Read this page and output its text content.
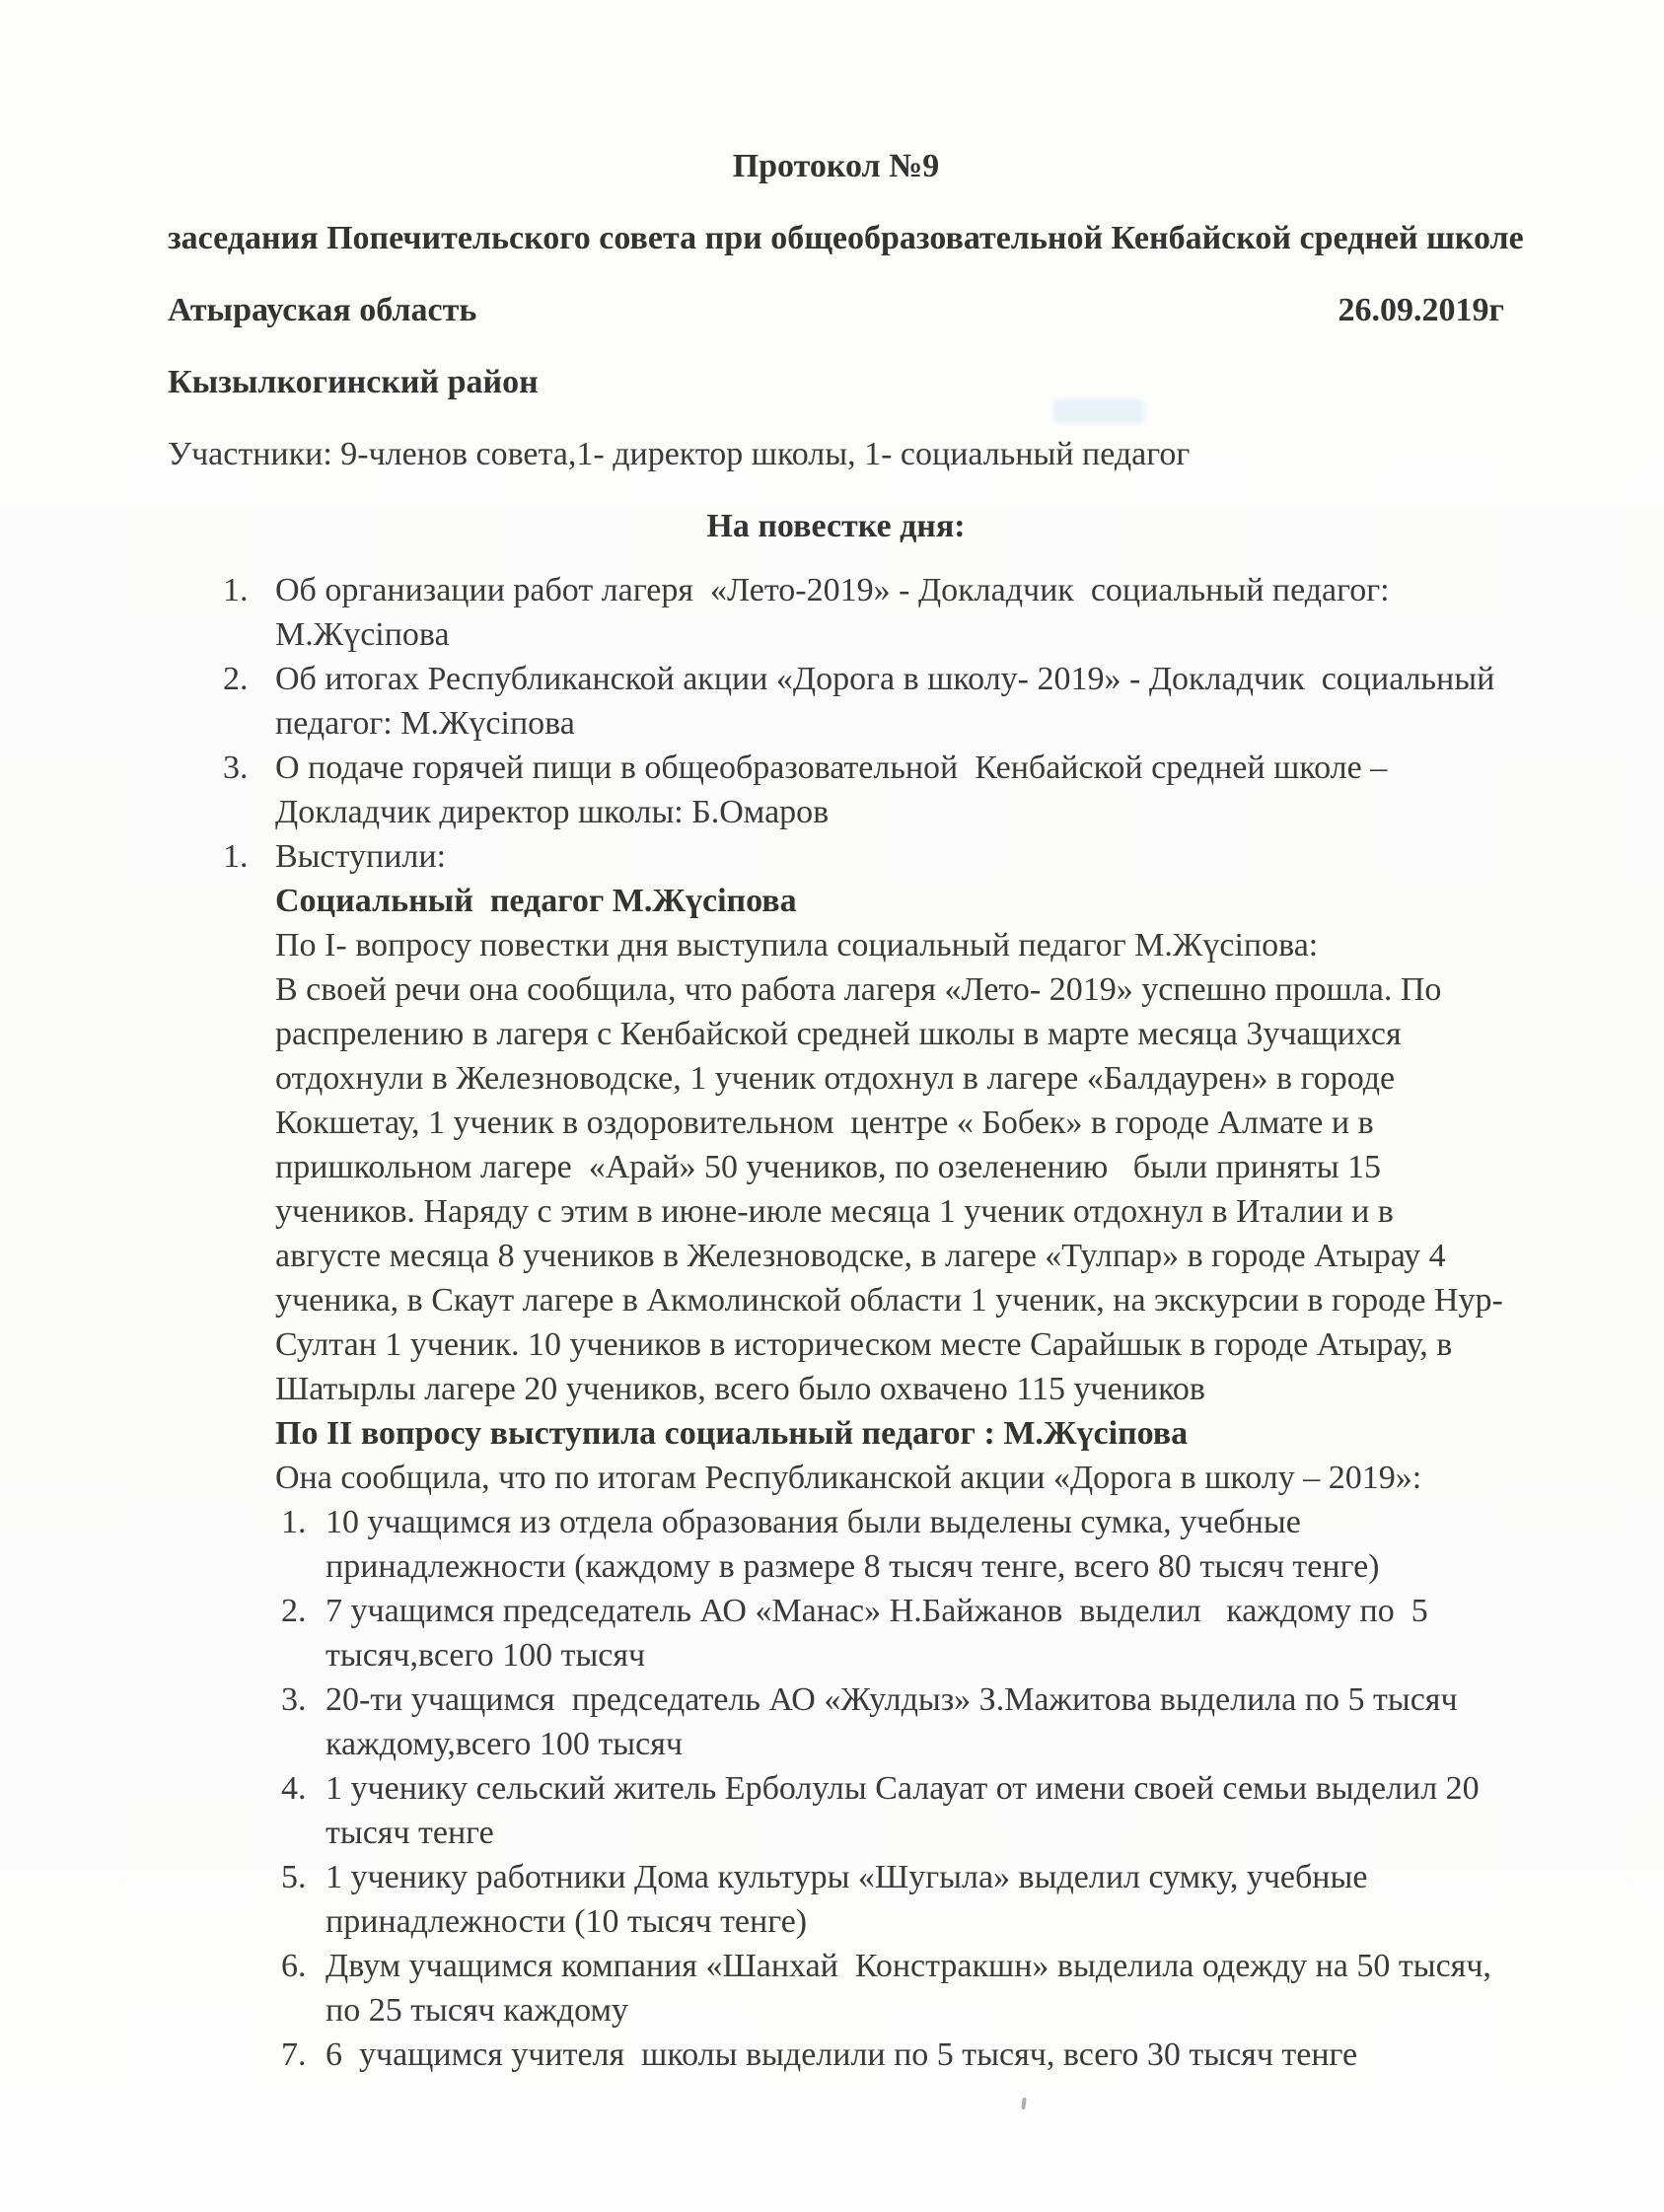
Протокол №9

заседания Попечительского совета при общеобразовательной Кенбайской средней школе

Атырауская область	26.09.2019г

Кызылкогинский район

Участники: 9-членов совета,1- директор школы, 1- социальный педагог

На повестке дня:

1. Об организации работ лагеря  «Лето-2019» - Докладчик  социальный педагог: М.Жүсіпова
2. Об итогах Республиканской акции «Дорога в школу- 2019» - Докладчик  социальный педагог: М.Жүсіпова
3. О подаче горячей пищи в общеобразовательной  Кенбайской средней школе – Докладчик директор школы: Б.Омаров
1. Выступили:

Социальный  педагог М.Жүсіпова

По I- вопросу повестки дня выступила социальный педагог М.Жүсіпова:

В своей речи она сообщила, что работа лагеря «Лето- 2019» успешно прошла. По распрелению в лагеря с Кенбайской средней школы в марте месяца 3учащихся отдохнули в Железноводске, 1 ученик отдохнул в лагере «Балдаурен» в городе Кокшетау, 1 ученик в оздоровительном  центре « Бобек» в городе Алмате и в пришкольном лагере  «Арай» 50 учеников, по озеленению   были приняты 15 учеников. Наряду с этим в июне-июле месяца 1 ученик отдохнул в Италии и в августе месяца 8 учеников в Железноводске, в лагере «Тулпар» в городе Атырау 4 ученика, в Скаут лагере в Акмолинской области 1 ученик, на экскурсии в городе Нур-Султан 1 ученик. 10 учеников в историческом месте Сарайшык в городе Атырау, в Шатырлы лагере 20 учеников, всего было охвачено 115 учеников

По II вопросу выступила социальный педагог : М.Жүсіпова

Она сообщила, что по итогам Республиканской акции «Дорога в школу – 2019»:

1. 10 учащимся из отдела образования были выделены сумка, учебные принадлежности (каждому в размере 8 тысяч тенге, всего 80 тысяч тенге)
2. 7 учащимся председатель АО «Манас» Н.Байжанов  выделил   каждому по  5 тысяч,всего 100 тысяч
3. 20-ти учащимся  председатель АО «Жулдыз» З.Мажитова выделила по 5 тысяч каждому,всего 100 тысяч
4. 1 ученику сельский житель Ерболулы Салауат от имени своей семьи выделил 20 тысяч тенге
5. 1 ученику работники Дома культуры «Шугыла» выделил сумку, учебные принадлежности (10 тысяч тенге)
6. Двум учащимся компания «Шанхай  Констракшн» выделила одежду на 50 тысяч, по 25 тысяч каждому
7. 6  учащимся учителя  школы выделили по 5 тысяч, всего 30 тысяч тенге
